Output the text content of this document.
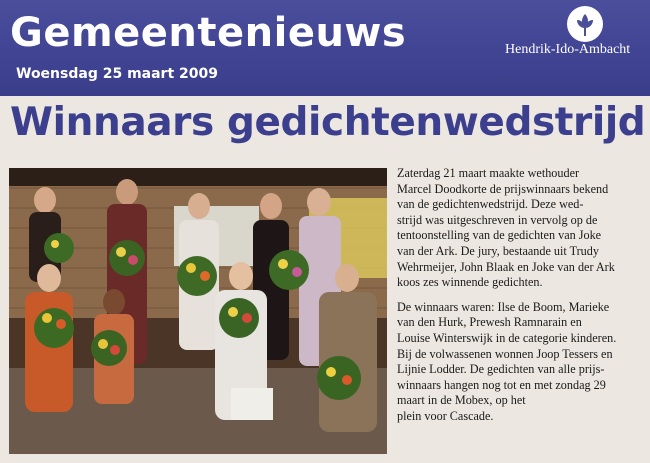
Gemeentenieuws
Woensdag 25 maart 2009
Hendrik-Ido-Ambacht
Winnaars gedichtenwedstrijd
Zaterdag 21 maart maakte wethouder
Marcel Doodkorte de prijswinnaars bekend
van de gedichtenwedstrijd. Deze wed-
strijd was uitgeschreven in vervolg op de
tentoonstelling van de gedichten van Joke
van der Ark. De jury, bestaande uit Trudy
Wehrmeijer, John Blaak en Joke van der Ark
koos zes winnende gedichten.
De winnaars waren: Ilse de Boom, Marieke
van den Hurk, Prewesh Ramnarain en
Louise Winterswijk in de categorie kinderen.
Bij de volwassenen wonnen Joop Tessers en
Lijnie Lodder. De gedichten van alle prijs-
winnaars hangen nog tot en met zondag 29
maart in de Mobex, op het
plein voor Cascade.
